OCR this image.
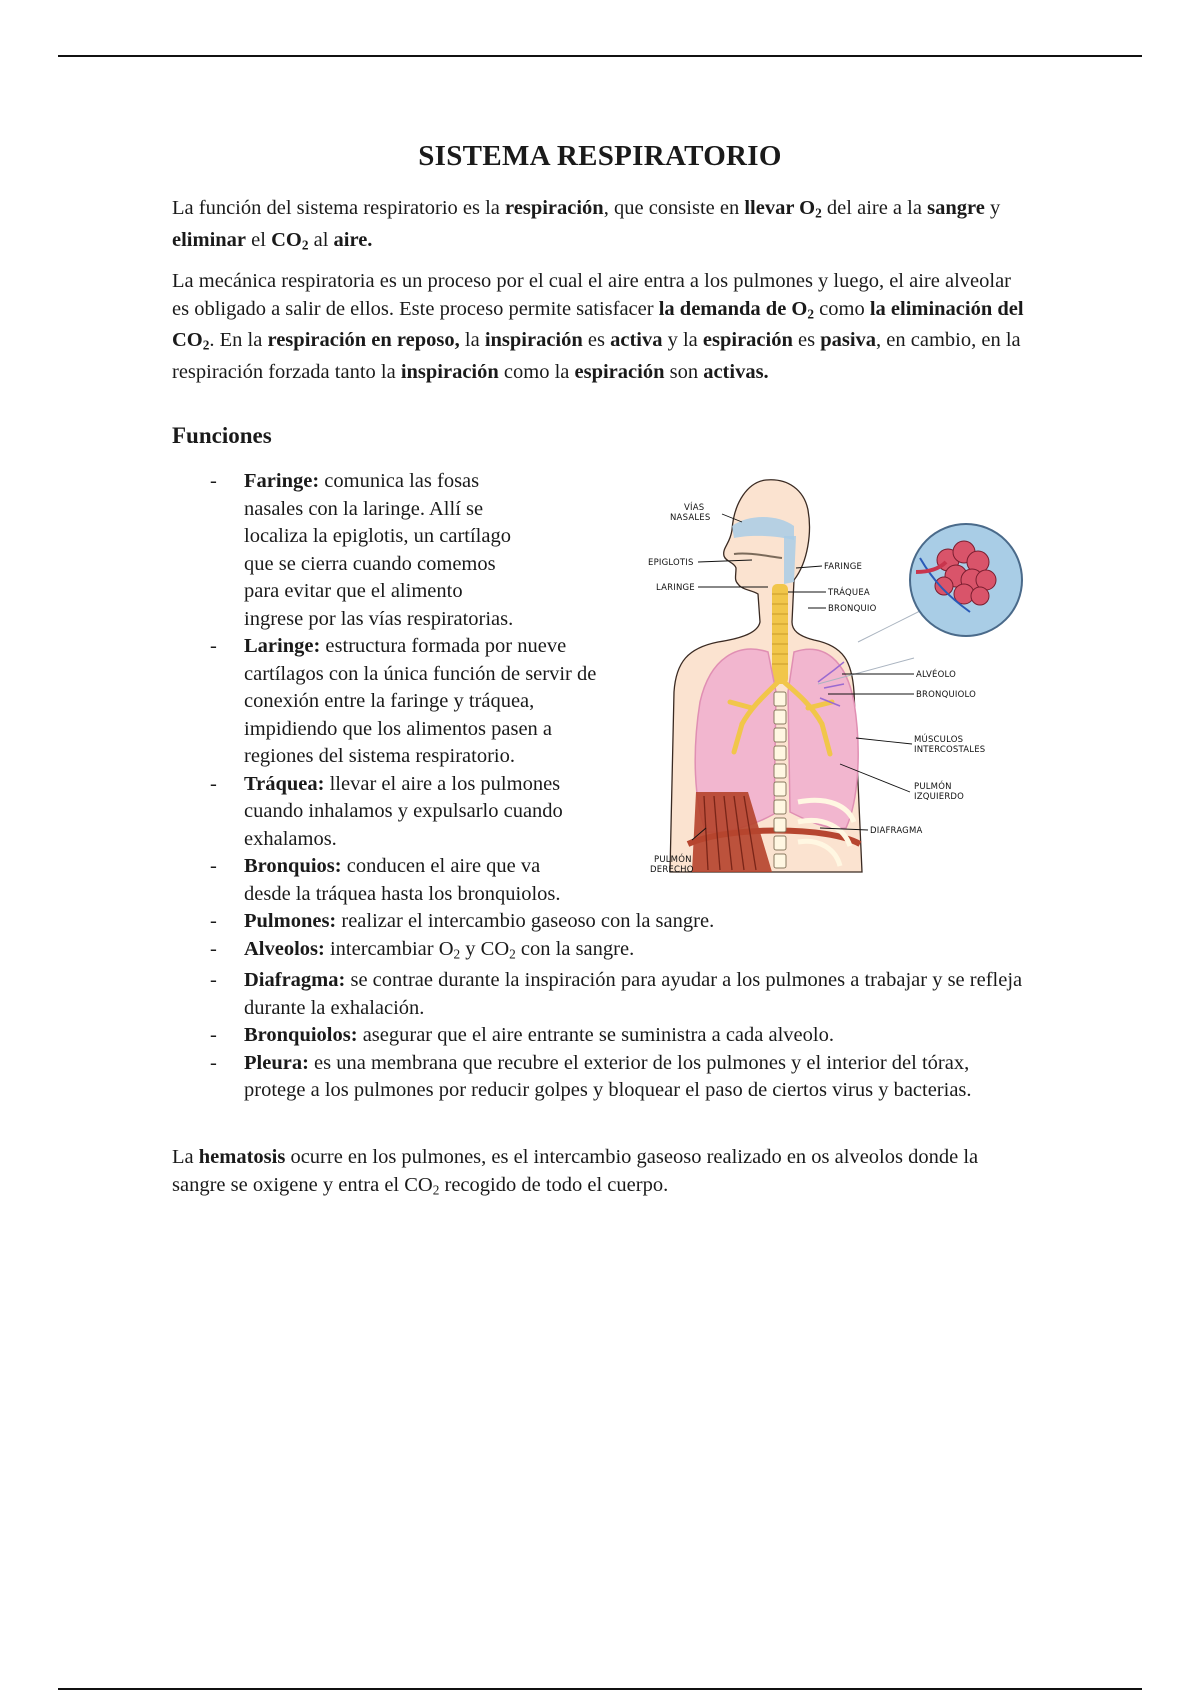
SISTEMA RESPIRATORIO

La función del sistema respiratorio es la respiración, que consiste en llevar $O_2$ del aire a la sangre y eliminar el $CO_2$ al aire.

La mecánica respiratoria es un proceso por el cual el aire entra a los pulmones y luego, el aire alveolar es obligado a salir de ellos. Este proceso permite satisfacer la demanda de $O_2$ como la eliminación del $CO_2$. En la respiración en reposo, la inspiración es activa y la espiración es pasiva, en cambio, en la respiración forzada tanto la inspiración como la espiración son activas.

Funciones
- Faringe: comunica las fosas nasales con la laringe. Allí se localiza la epiglotis, un cartílago que se cierra cuando comemos para evitar que el alimento ingrese por las vías respiratorias.
- Laringe: estructura formada por nueve cartílagos con la única función de servir de conexión entre la faringe y tráquea, impidiendo que los alimentos pasen a regiones del sistema respiratorio.
- Tráquea: llevar el aire a los pulmones cuando inhalamos y expulsarlo cuando exhalamos.
- Bronquios: conducen el aire que va desde la tráquea hasta los bronquiolos.
- Pulmones: realizar el intercambio gaseoso con la sangre.
- Alveolos: intercambiar $O_2$ y $CO_2$ con la sangre.
- Diafragma: se contrae durante la inspiración para ayudar a los pulmones a trabajar y se refleja durante la exhalación.
- Bronquiolos: asegurar que el aire entrante se suministra a cada alveolo.
- Pleura: es una membrana que recubre el exterior de los pulmones y el interior del tórax, protege a los pulmones por reducir golpes y bloquear el paso de ciertos virus y bacterias.
VÍAS
NASALES
EPIGLOTIS
LARINGE
FARINGE
TRÁQUEA
BRONQUIO
ALVÉOLO
BRONQUIOLO
MÚSCULOS
INTERCOSTALES
PULMÓN
IZQUIERDO
PULMÓN
DERECHO
DIAFRAGMA

La hematosis ocurre en los pulmones, es el intercambio gaseoso realizado en os alveolos donde la sangre se oxigene y entra el $CO_2$ recogido de todo el cuerpo.
